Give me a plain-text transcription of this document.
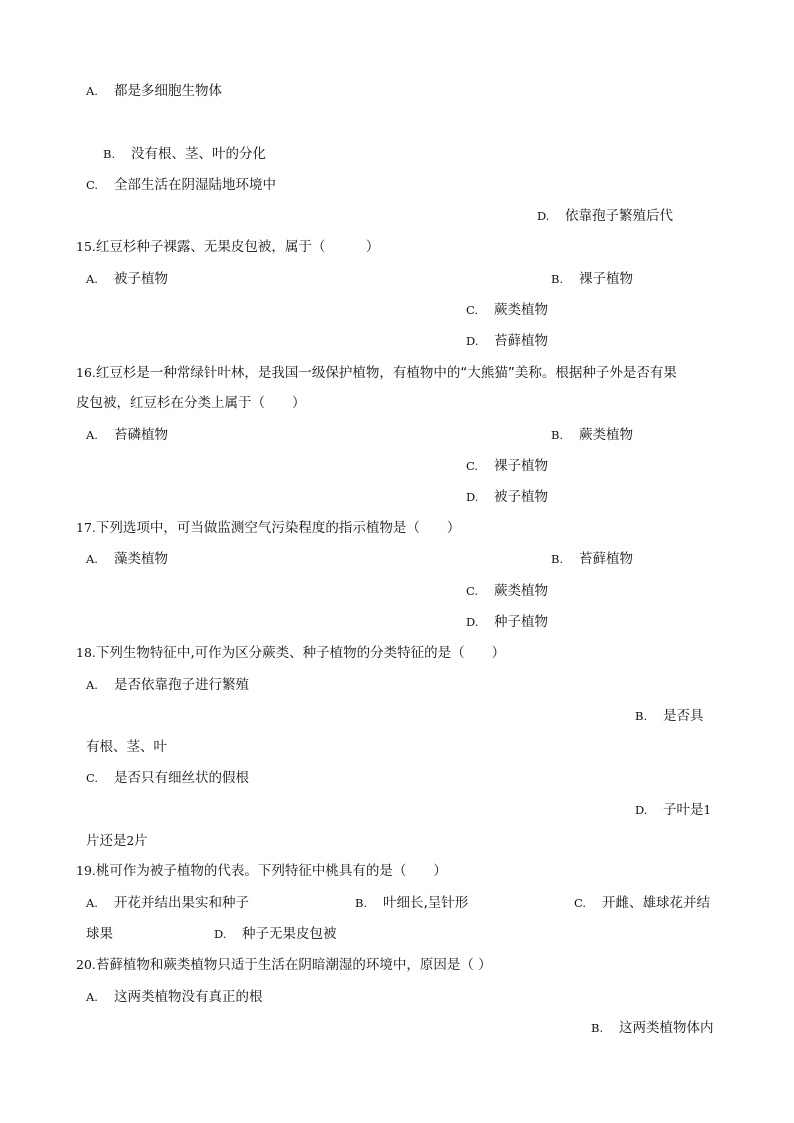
A. 都是多细胞生物体
B. 没有根、茎、叶的分化
C. 全部生活在阴湿陆地环境中
D. 依靠孢子繁殖后代
15.红豆杉种子裸露、无果皮包被，属于（　　　）
A. 被子植物	B. 裸子植物
C. 蕨类植物
D. 苔藓植物
16.红豆杉是一种常绿针叶林，是我国一级保护植物，有植物中的“大熊猫”美称。根据种子外是否有果
皮包被，红豆杉在分类上属于（　　）
A. 苔磷植物	B. 蕨类植物
C. 裸子植物
D. 被子植物
17.下列选项中，可当做监测空气污染程度的指示植物是（　　）
A. 藻类植物	B. 苔藓植物
C. 蕨类植物
D. 种子植物
18.下列生物特征中,可作为区分蕨类、种子植物的分类特征的是（　　）
A. 是否依靠孢子进行繁殖
B. 是否具
有根、茎、叶
C. 是否只有细丝状的假根
D. 子叶是1
片还是2片
19.桃可作为被子植物的代表。下列特征中桃具有的是（　　）
A. 开花并结出果实和种子	B. 叶细长,呈针形	C. 开雌、雄球花并结
球果	D. 种子无果皮包被
20.苔藓植物和蕨类植物只适于生活在阴暗潮湿的环境中，原因是（ ）
A. 这两类植物没有真正的根
B. 这两类植物体内
